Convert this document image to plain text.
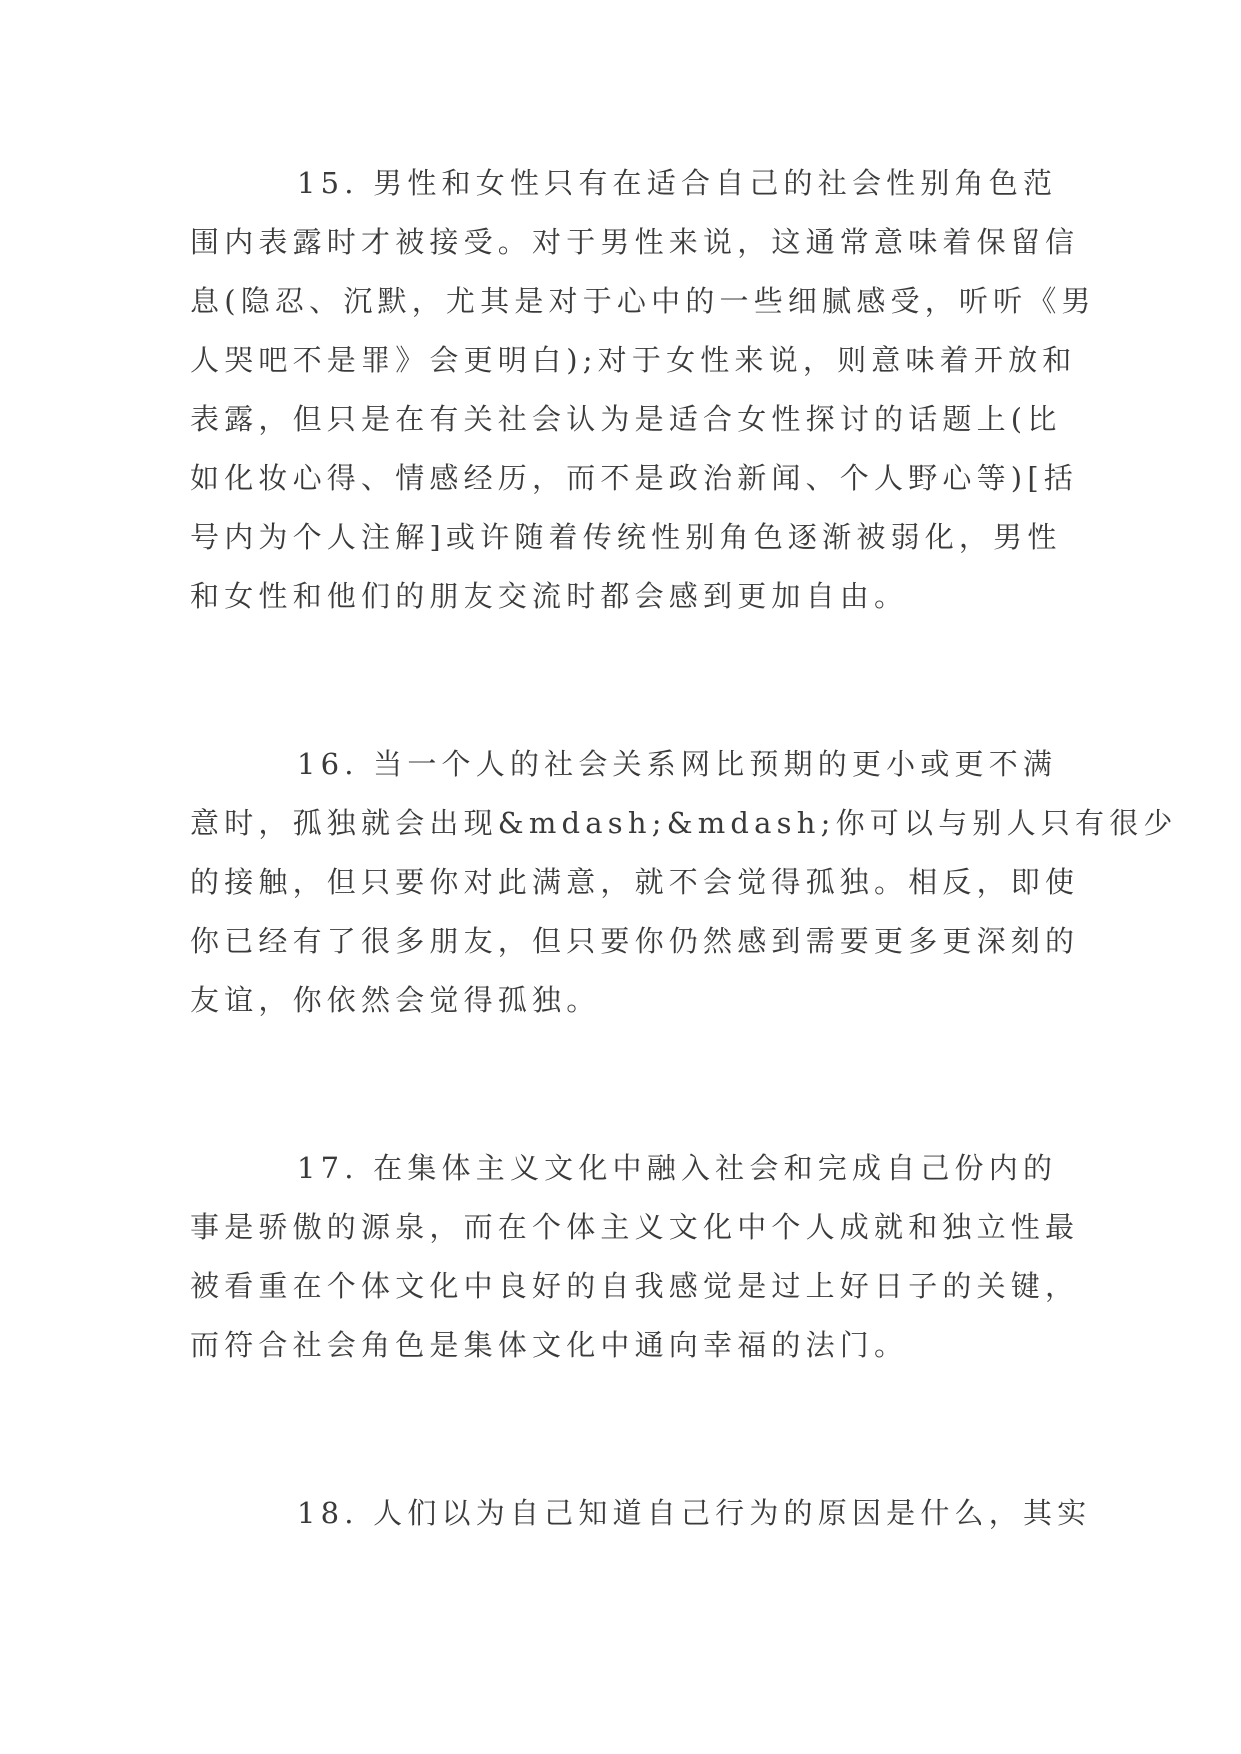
15. 男性和女性只有在适合自己的社会性别角色范

围内表露时才被接受。对于男性来说，这通常意味着保留信

息(隐忍、沉默，尤其是对于心中的一些细腻感受，听听《男

人哭吧不是罪》会更明白);对于女性来说，则意味着开放和

表露，但只是在有关社会认为是适合女性探讨的话题上(比

如化妆心得、情感经历，而不是政治新闻、个人野心等)[括

号内为个人注解]或许随着传统性别角色逐渐被弱化，男性

和女性和他们的朋友交流时都会感到更加自由。

16. 当一个人的社会关系网比预期的更小或更不满

意时，孤独就会出现&mdash;&mdash;你可以与别人只有很少

的接触，但只要你对此满意，就不会觉得孤独。相反，即使

你已经有了很多朋友，但只要你仍然感到需要更多更深刻的

友谊，你依然会觉得孤独。

17. 在集体主义文化中融入社会和完成自己份内的

事是骄傲的源泉，而在个体主义文化中个人成就和独立性最

被看重在个体文化中良好的自我感觉是过上好日子的关键，

而符合社会角色是集体文化中通向幸福的法门。

18. 人们以为自己知道自己行为的原因是什么，其实
